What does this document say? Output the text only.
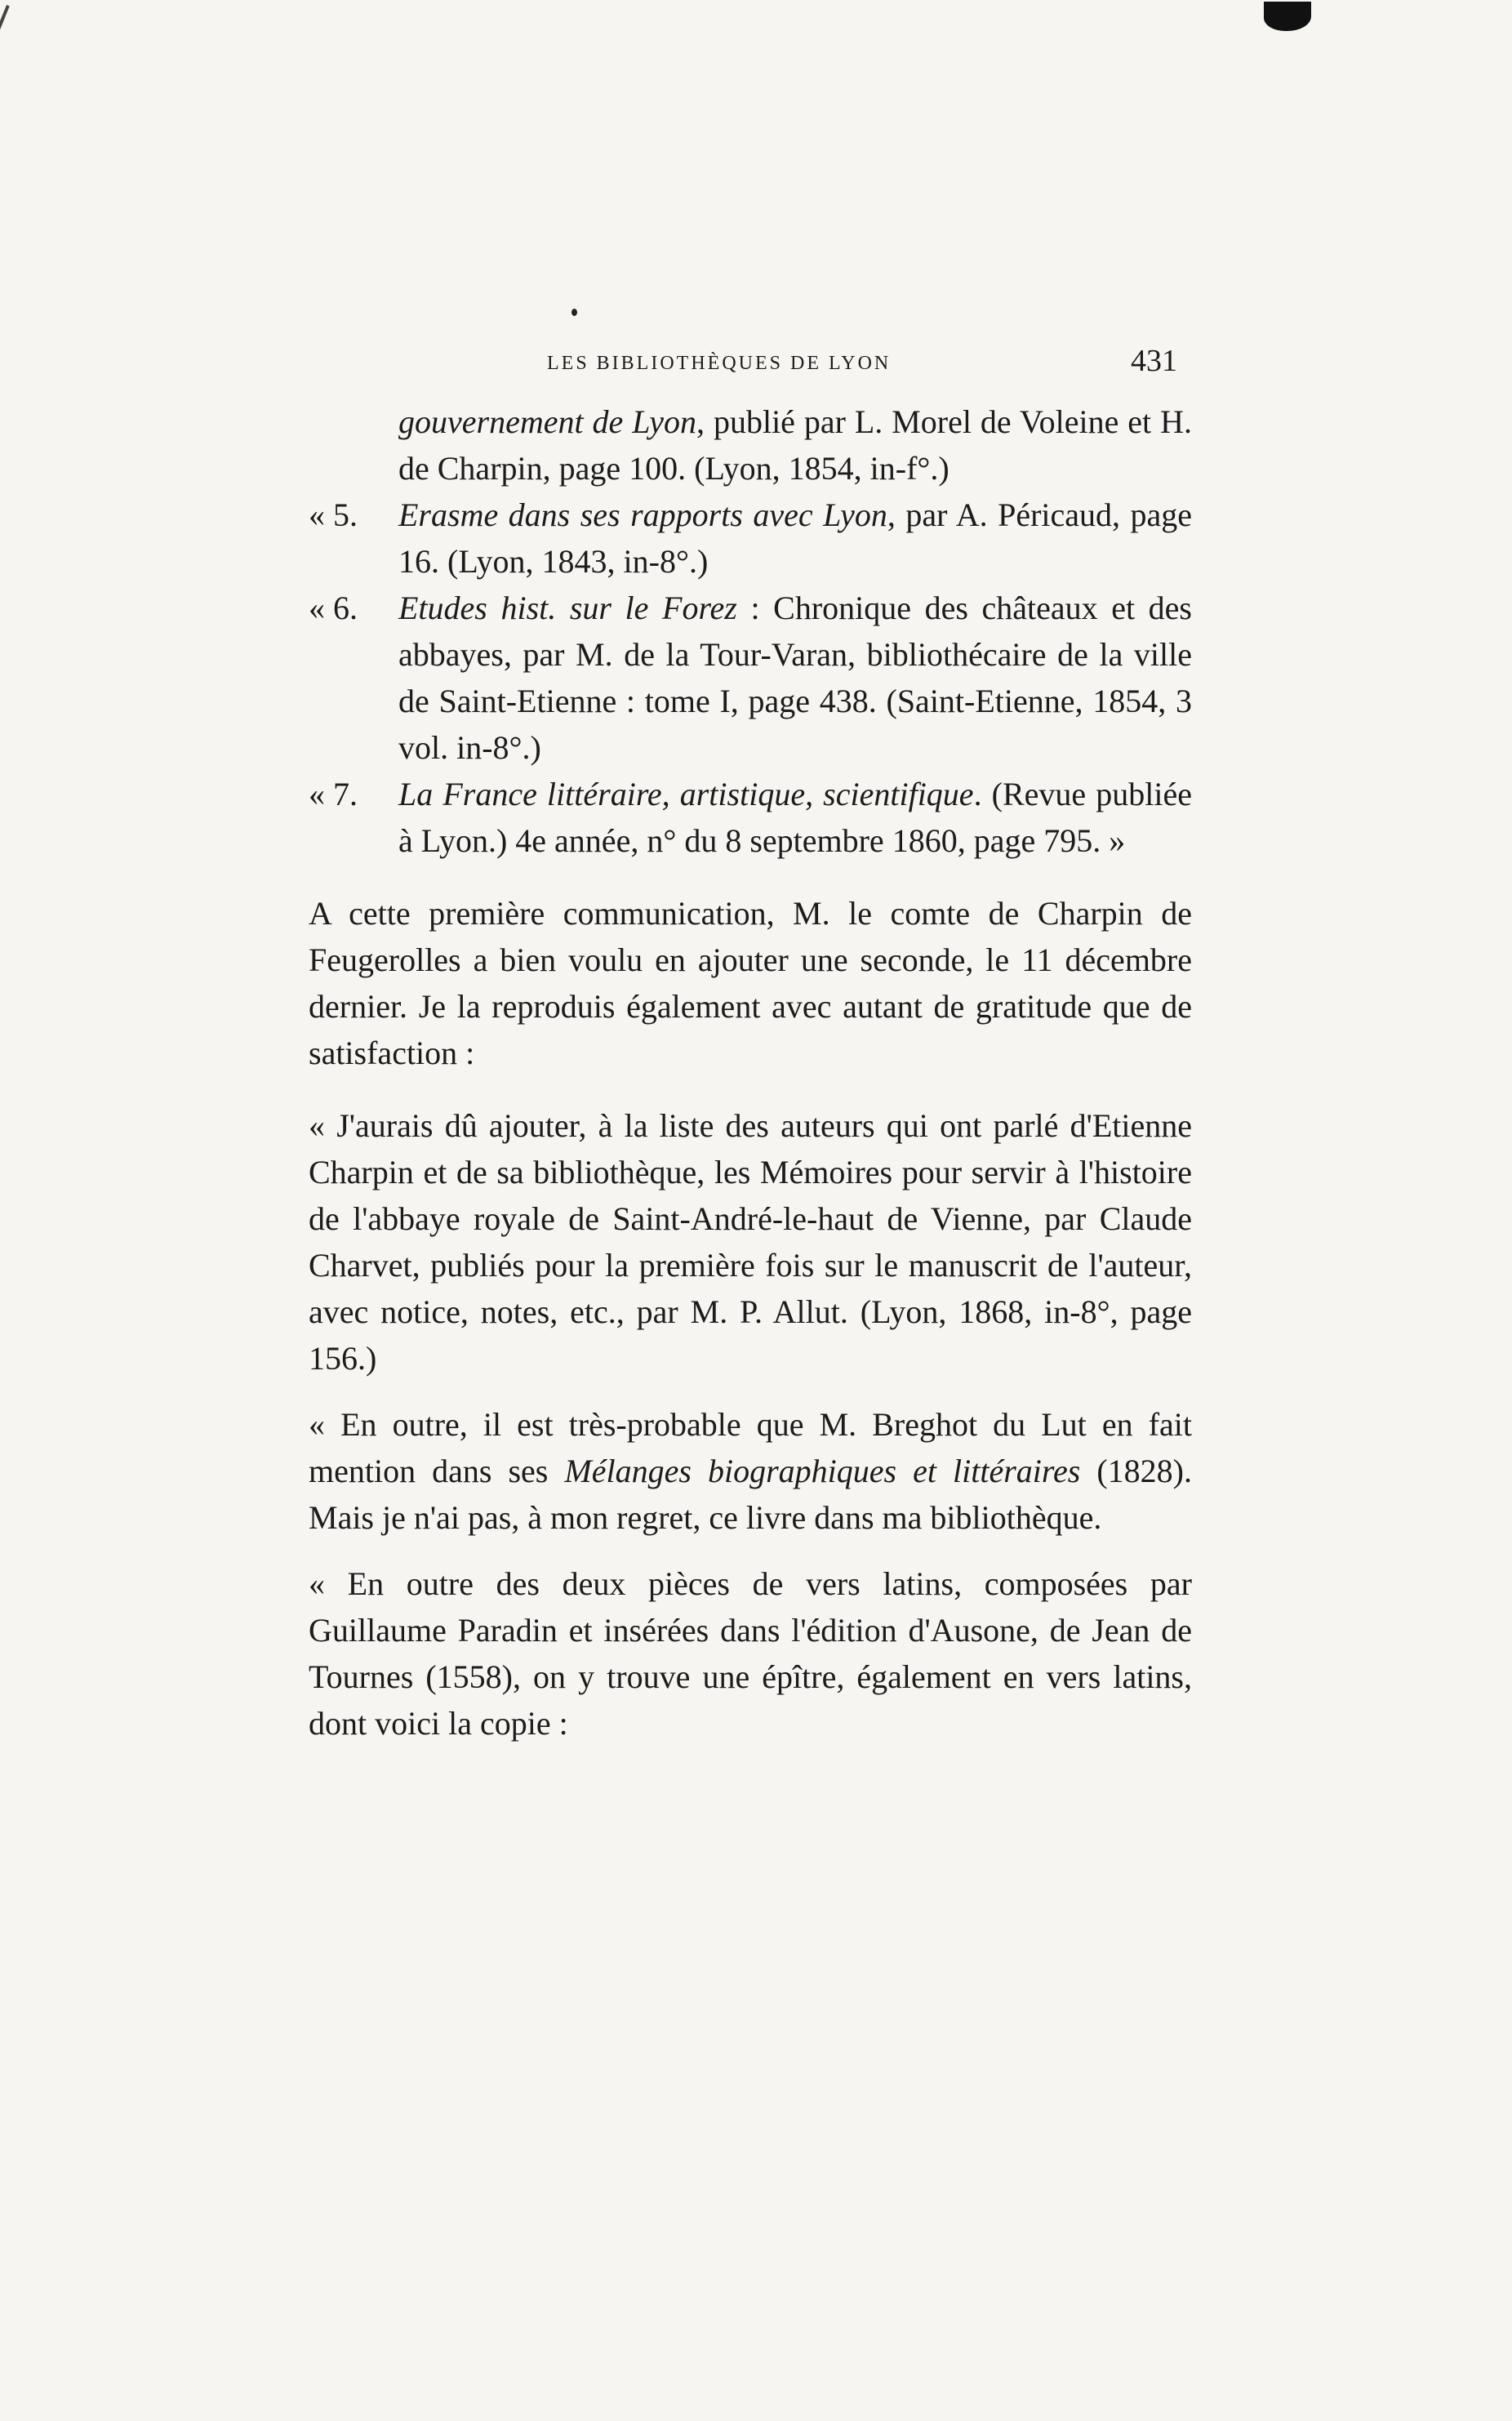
LES BIBLIOTHÈQUES DE LYON	431

gouvernement de Lyon, publié par L. Morel de Voleine et H. de Charpin, page 100. (Lyon, 1854, in-f°.)

« 5. Erasme dans ses rapports avec Lyon, par A. Péricaud, page 16. (Lyon, 1843, in-8°.)

« 6. Etudes hist. sur le Forez : Chronique des châteaux et des abbayes, par M. de la Tour-Varan, bibliothécaire de la ville de Saint-Etienne : tome I, page 438. (Saint-Etienne, 1854, 3 vol. in-8°.)

« 7. La France littéraire, artistique, scientifique. (Revue publiée à Lyon.) 4e année, n° du 8 septembre 1860, page 795. »

A cette première communication, M. le comte de Charpin de Feugerolles a bien voulu en ajouter une seconde, le 11 décembre dernier. Je la reproduis également avec autant de gratitude que de satisfaction :

« J'aurais dû ajouter, à la liste des auteurs qui ont parlé d'Etienne Charpin et de sa bibliothèque, les Mémoires pour servir à l'histoire de l'abbaye royale de Saint-André-le-haut de Vienne, par Claude Charvet, publiés pour la première fois sur le manuscrit de l'auteur, avec notice, notes, etc., par M. P. Allut. (Lyon, 1868, in-8°, page 156.)

« En outre, il est très-probable que M. Breghot du Lut en fait mention dans ses Mélanges biographiques et littéraires (1828). Mais je n'ai pas, à mon regret, ce livre dans ma bibliothèque.

« En outre des deux pièces de vers latins, composées par Guillaume Paradin et insérées dans l'édition d'Ausone, de Jean de Tournes (1558), on y trouve une épître, également en vers latins, dont voici la copie :
